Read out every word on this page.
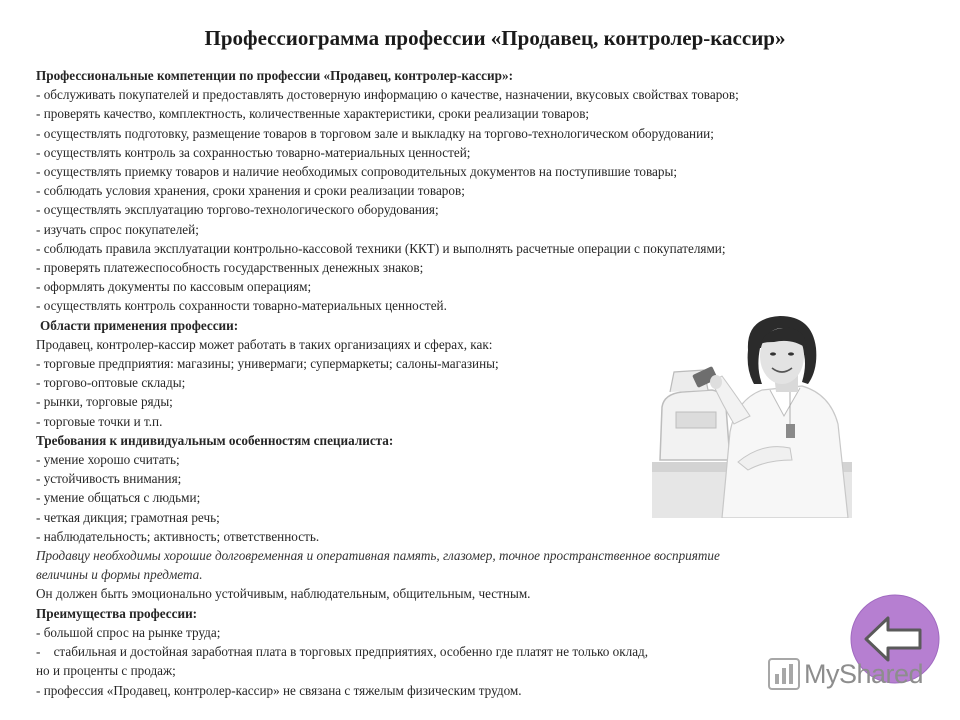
Профессиограмма профессии «Продавец, контролер-кассир»
Профессиональные компетенции по профессии «Продавец, контролер-кассир»:
- обслуживать покупателей и предоставлять достоверную информацию о качестве, назначении, вкусовых свойствах товаров;
- проверять качество, комплектность, количественные характеристики, сроки реализации товаров;
- осуществлять подготовку, размещение товаров в торговом зале и выкладку на торгово-технологическом оборудовании;
- осуществлять контроль за сохранностью товарно-материальных ценностей;
- осуществлять приемку товаров и наличие необходимых сопроводительных документов на поступившие товары;
- соблюдать условия хранения, сроки хранения и сроки реализации товаров;
- осуществлять эксплуатацию торгово-технологического оборудования;
- изучать спрос покупателей;
- соблюдать правила эксплуатации контрольно-кассовой техники (ККТ) и выполнять расчетные операции с покупателями;
- проверять платежеспособность государственных денежных знаков;
- оформлять документы по кассовым операциям;
- осуществлять контроль сохранности товарно-материальных ценностей.
Области применения профессии:
Продавец, контролер-кассир может работать в таких организациях и сферах, как:
- торговые предприятия: магазины; универмаги; супермаркеты; салоны-магазины;
- торгово-оптовые склады;
- рынки, торговые ряды;
- торговые точки и т.п.
Требования к индивидуальным особенностям специалиста:
- умение хорошо считать;
- устойчивость внимания;
- умение общаться с людьми;
- четкая дикция; грамотная речь;
- наблюдательность; активность; ответственность.
Продавцу необходимы хорошие долговременная и оперативная память, глазомер, точное пространственное восприятие
величины и формы предмета.
Он должен быть эмоционально устойчивым, наблюдательным, общительным, честным.
Преимущества профессии:
- большой спрос на рынке труда;
-    стабильная и достойная заработная плата в торговых предприятиях, особенно где платят не только оклад,
но и проценты с продаж;
- профессия «Продавец, контролер-кассир» не связана с тяжелым физическим трудом.
MyShared
